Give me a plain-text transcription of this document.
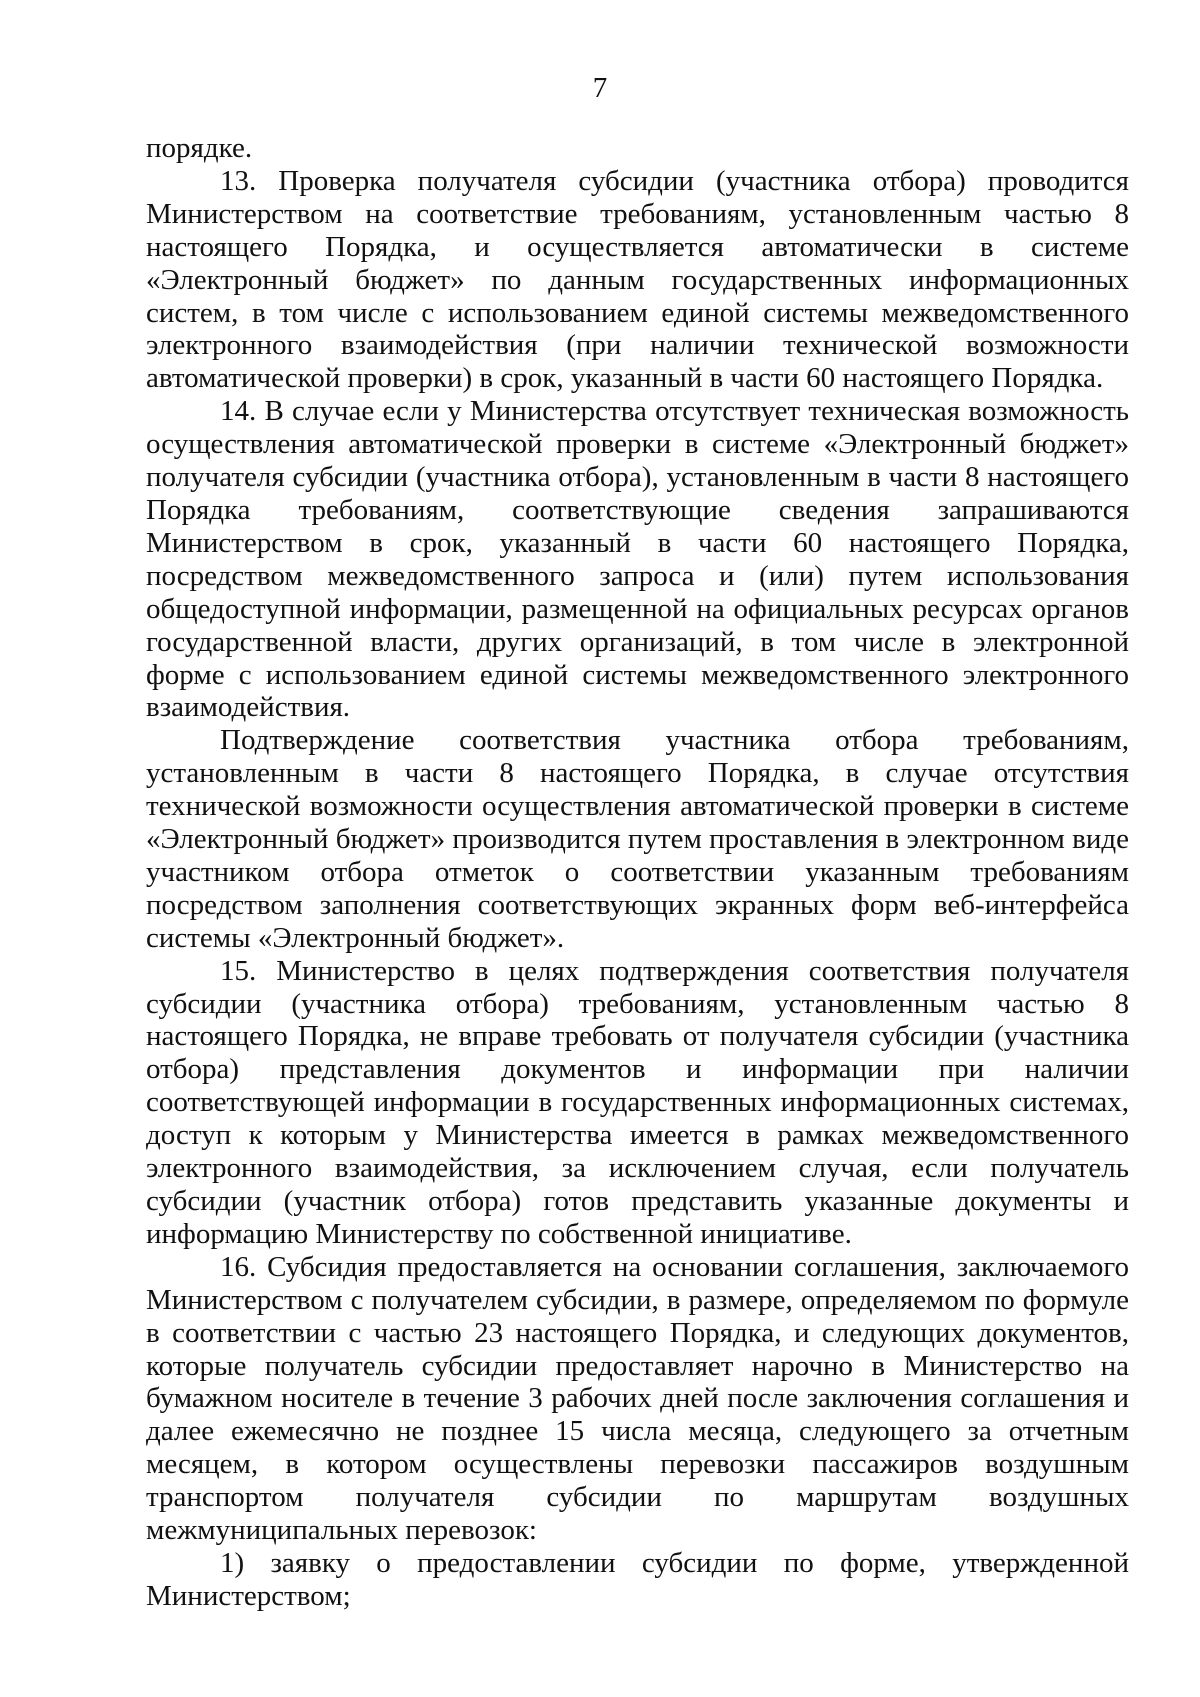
7

порядке.

13. Проверка получателя субсидии (участника отбора) проводится Министерством на соответствие требованиям, установленным частью 8 настоящего Порядка, и осуществляется автоматически в системе «Электронный бюджет» по данным государственных информационных систем, в том числе с использованием единой системы межведомственного электронного взаимодействия (при наличии технической возможности автоматической проверки) в срок, указанный в части 60 настоящего Порядка.

14. В случае если у Министерства отсутствует техническая возможность осуществления автоматической проверки в системе «Электронный бюджет» получателя субсидии (участника отбора), установленным в части 8 настоящего Порядка требованиям, соответствующие сведения запрашиваются Министерством в срок, указанный в части 60 настоящего Порядка, посредством межведомственного запроса и (или) путем использования общедоступной информации, размещенной на официальных ресурсах органов государственной власти, других организаций, в том числе в электронной форме с использованием единой системы межведомственного электронного взаимодействия.

Подтверждение соответствия участника отбора требованиям, установленным в части 8 настоящего Порядка, в случае отсутствия технической возможности осуществления автоматической проверки в системе «Электронный бюджет» производится путем проставления в электронном виде участником отбора отметок о соответствии указанным требованиям посредством заполнения соответствующих экранных форм веб-интерфейса системы «Электронный бюджет».

15. Министерство в целях подтверждения соответствия получателя субсидии (участника отбора) требованиям, установленным частью 8 настоящего Порядка, не вправе требовать от получателя субсидии (участника отбора) представления документов и информации при наличии соответствующей информации в государственных информационных системах, доступ к которым у Министерства имеется в рамках межведомственного электронного взаимодействия, за исключением случая, если получатель субсидии (участник отбора) готов представить указанные документы и информацию Министерству по собственной инициативе.

16. Субсидия предоставляется на основании соглашения, заключаемого Министерством с получателем субсидии, в размере, определяемом по формуле в соответствии с частью 23 настоящего Порядка, и следующих документов, которые получатель субсидии предоставляет нарочно в Министерство на бумажном носителе в течение 3 рабочих дней после заключения соглашения и далее ежемесячно не позднее 15 числа месяца, следующего за отчетным месяцем, в котором осуществлены перевозки пассажиров воздушным транспортом получателя субсидии по маршрутам воздушных межмуниципальных перевозок:

1) заявку о предоставлении субсидии по форме, утвержденной Министерством;
